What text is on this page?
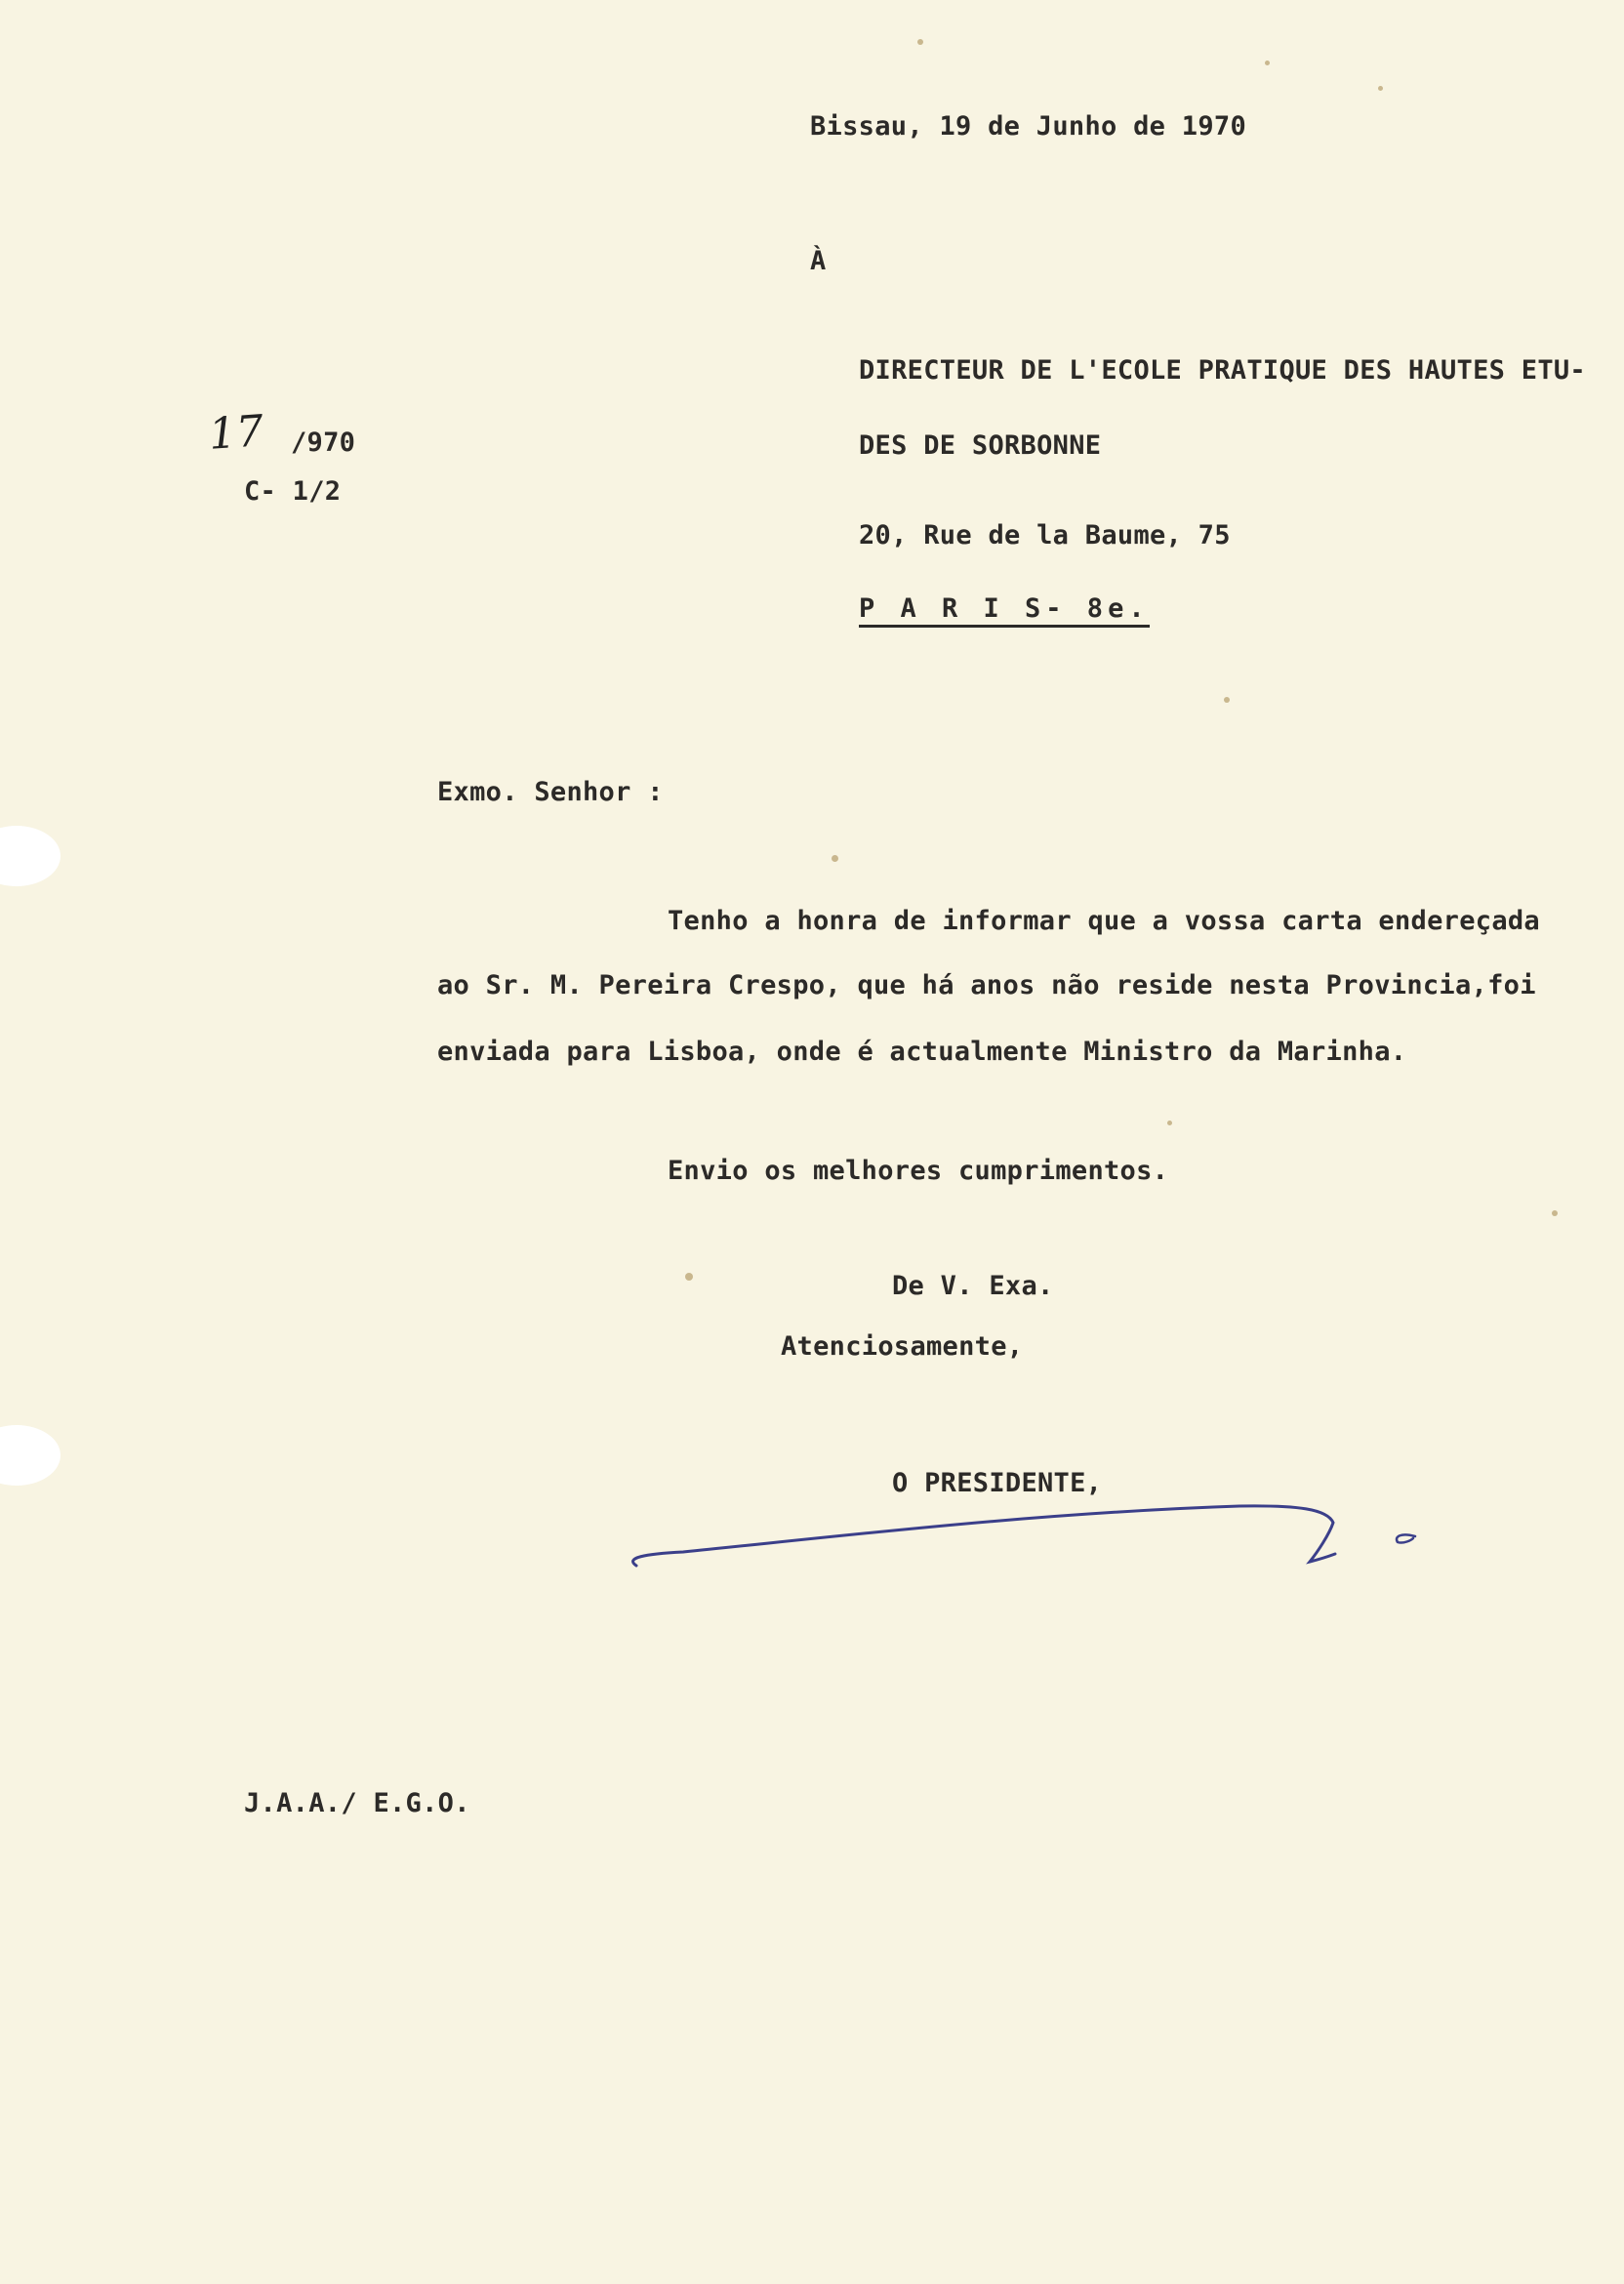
Bissau, 19 de Junho de 1970
À
DIRECTEUR DE L'ECOLE PRATIQUE DES HAUTES ETU-
DES DE SORBONNE
20, Rue de la Baume, 75
P A R I S- 8e.
17 /970
C- 1/2
Exmo. Senhor :
Tenho a honra de informar que a vossa carta endereçada
ao Sr. M. Pereira Crespo, que há anos não reside nesta Provincia,foi
enviada para Lisboa, onde é actualmente Ministro da Marinha.
Envio os melhores cumprimentos.
De V. Exa.
Atenciosamente,
O PRESIDENTE,
J.A.A./ E.G.O.
